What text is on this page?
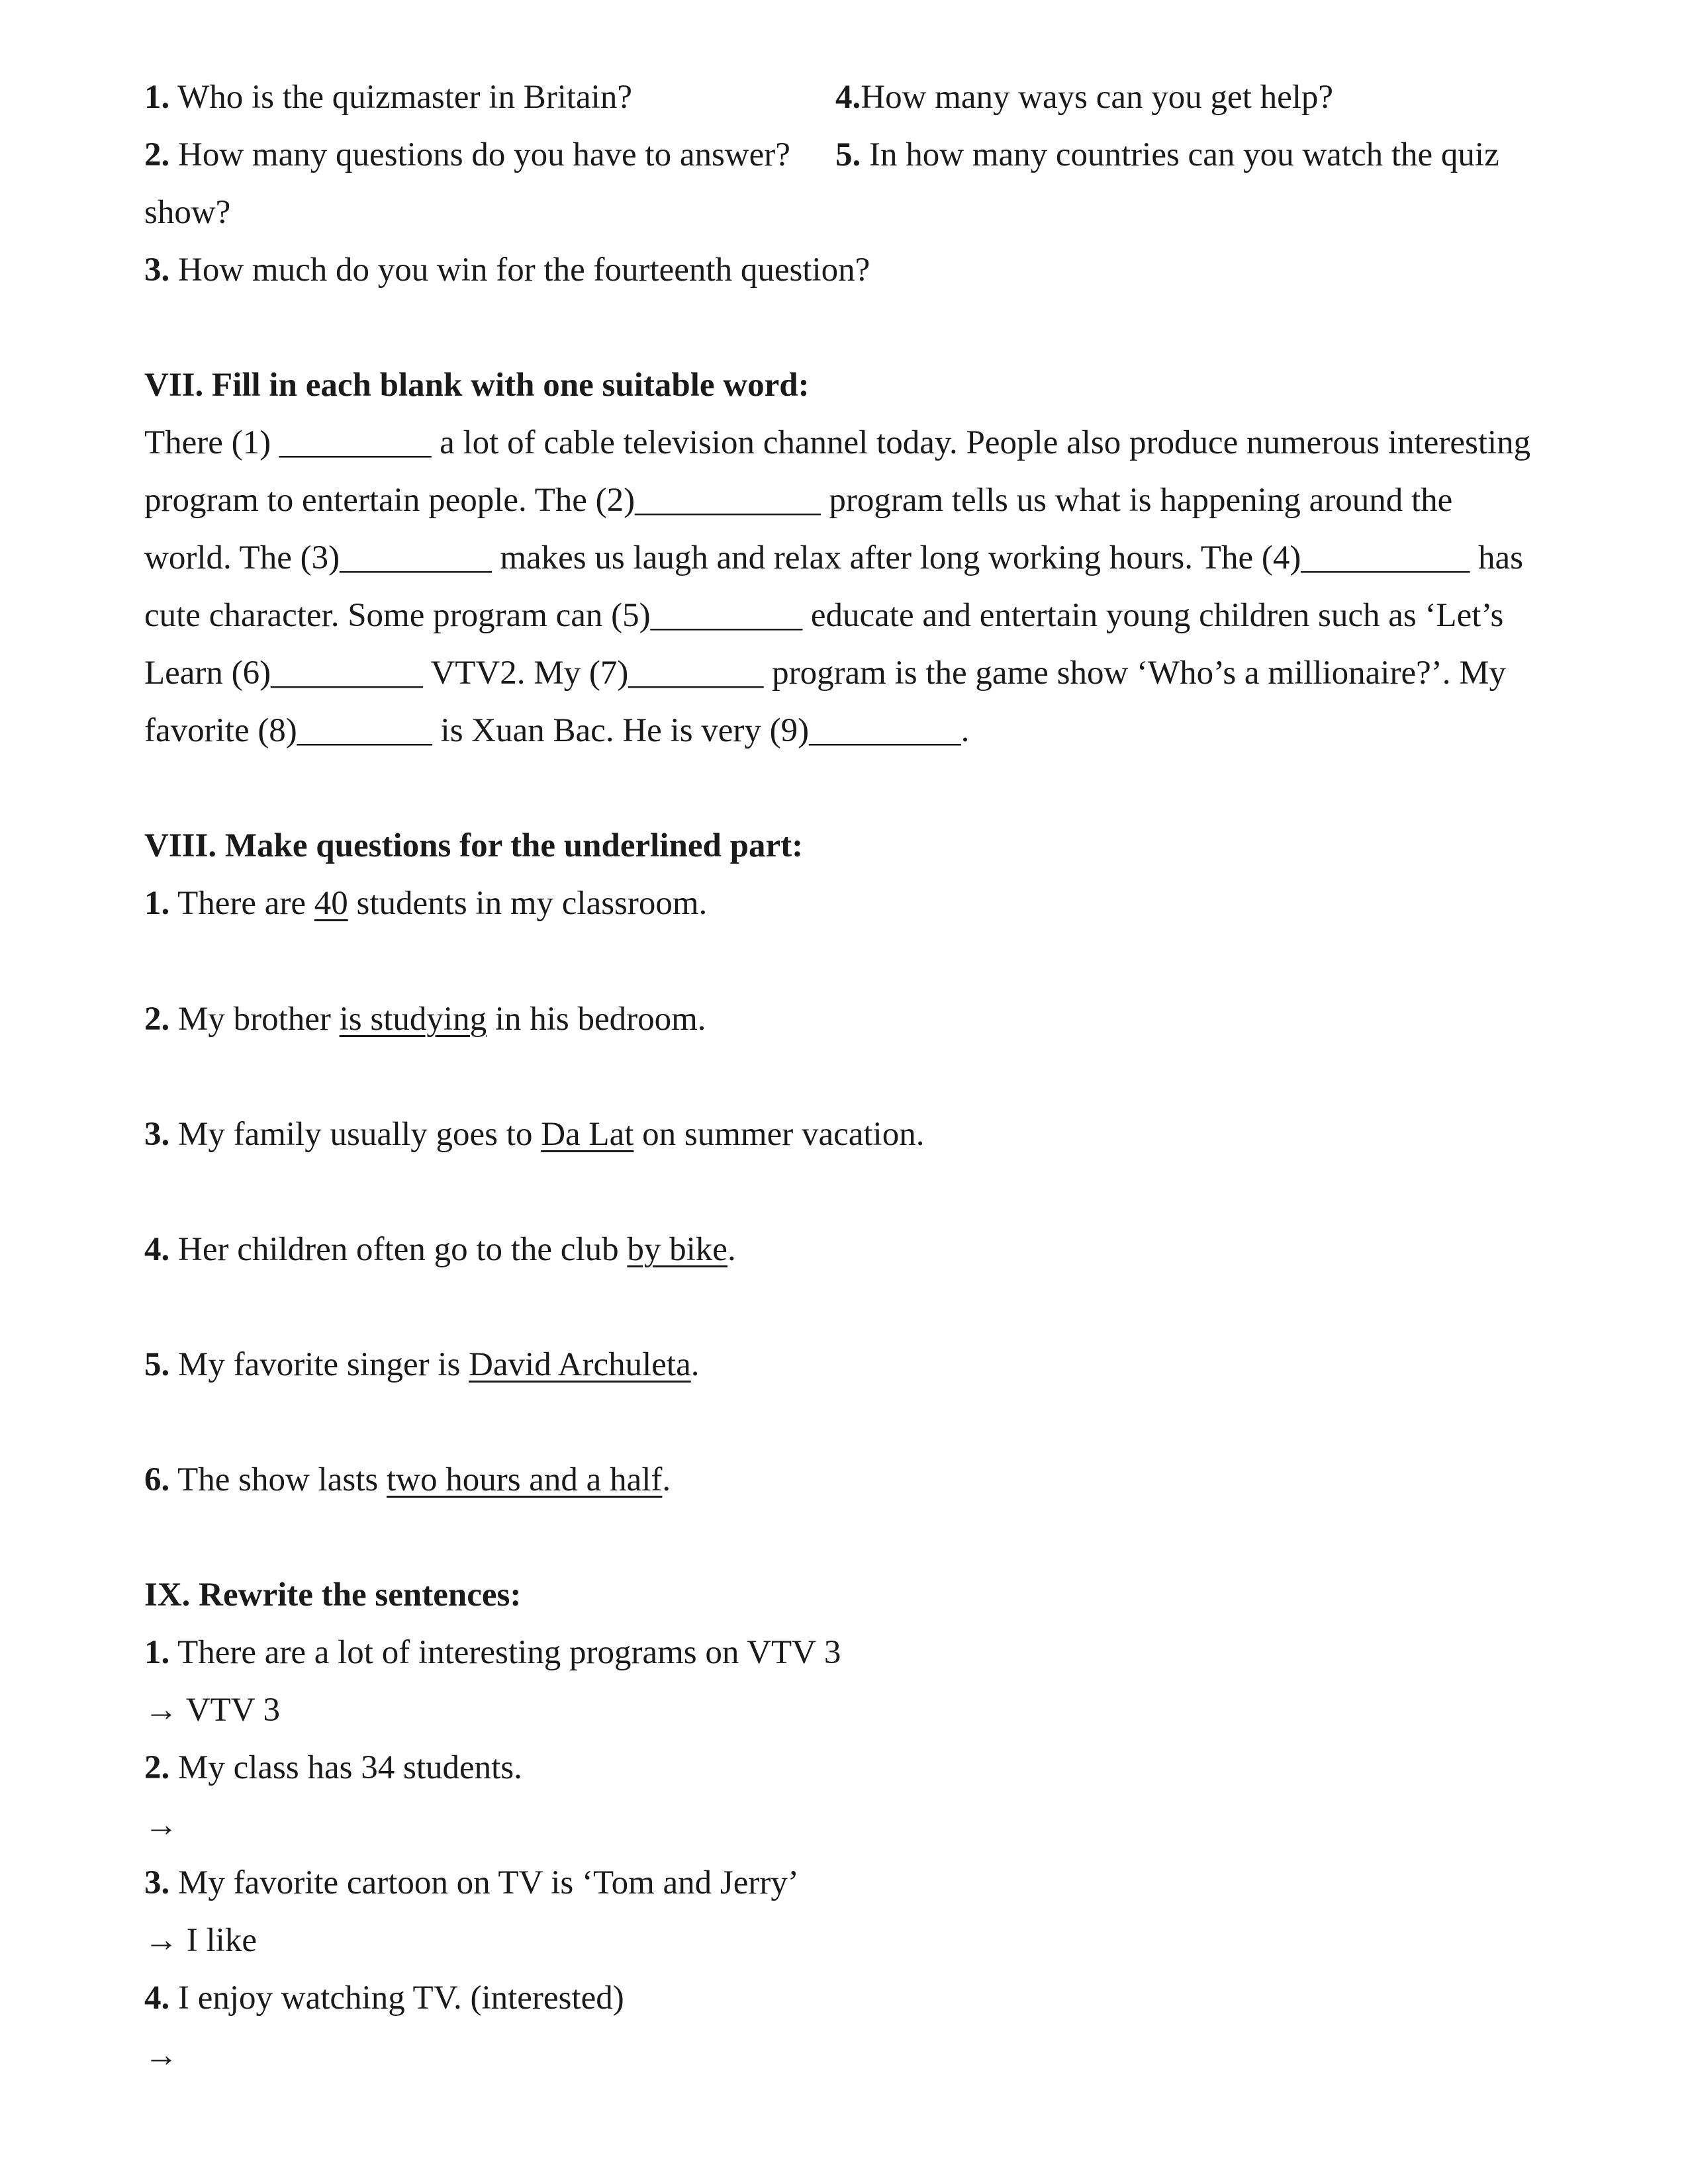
1. Who is the quizmaster in Britain?	4.How many ways can you get help?
2. How many questions do you have to answer? 5. In how many countries can you watch the quiz
show?
3. How much do you win for the fourteenth question?
VII. Fill in each blank with one suitable word:
There (1) _________ a lot of cable television channel today. People also produce numerous interesting
program to entertain people. The (2)___________ program tells us what is happening around the
world. The (3)_________ makes us laugh and relax after long working hours. The (4)__________ has
cute character. Some program can (5)_________ educate and entertain young children such as ‘Let’s
Learn (6)_________ VTV2. My (7)________ program is the game show ‘Who’s a millionaire?’. My
favorite (8)________ is Xuan Bac. He is very (9)_________.
VIII. Make questions for the underlined part:
1. There are 40 students in my classroom.
2. My brother is studying in his bedroom.
3. My family usually goes to Da Lat on summer vacation.
4. Her children often go to the club by bike.
5. My favorite singer is David Archuleta.
6. The show lasts two hours and a half.
IX. Rewrite the sentences:
1. There are a lot of interesting programs on VTV 3
→ VTV 3
2. My class has 34 students.
→
3. My favorite cartoon on TV is ‘Tom and Jerry’
→ I like
4. I enjoy watching TV. (interested)
→
